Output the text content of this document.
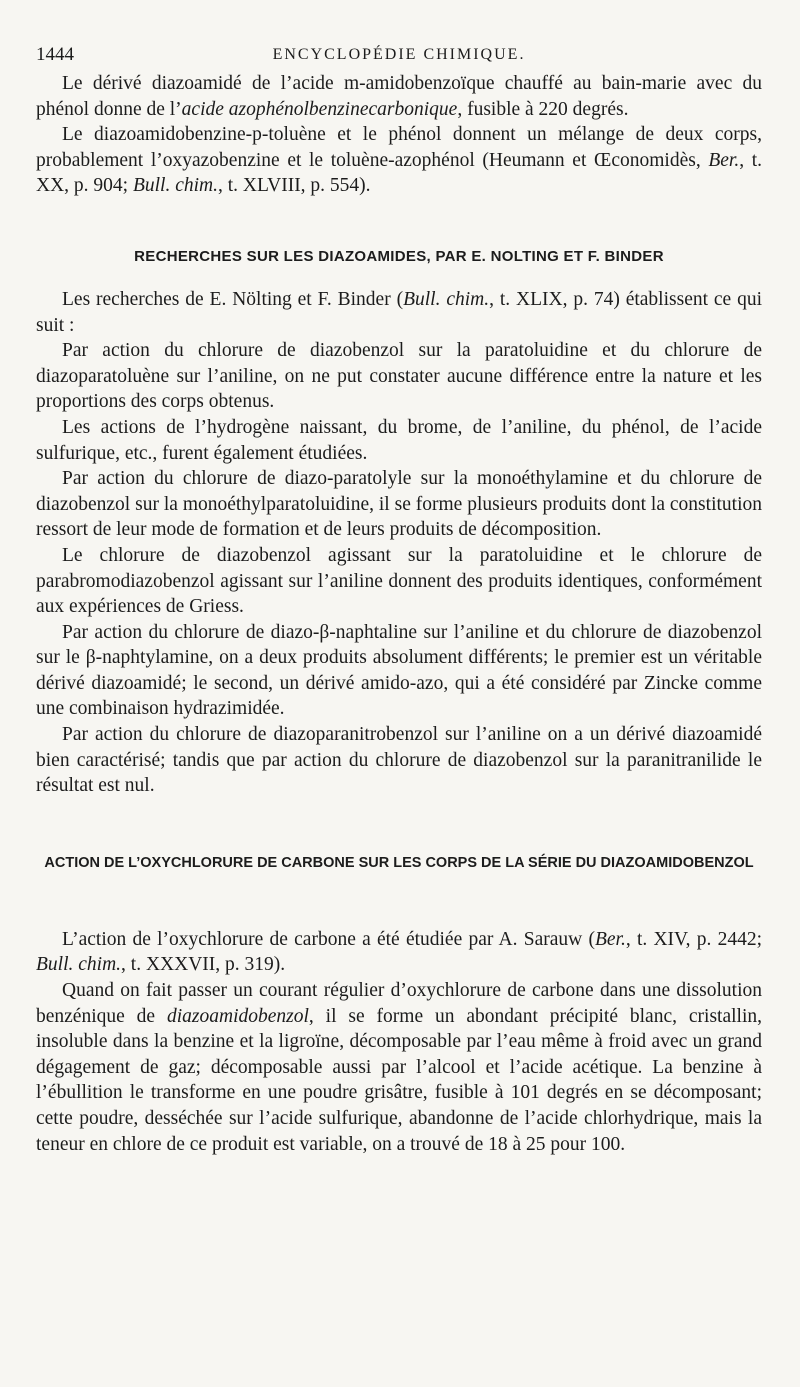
1444	ENCYCLOPÉDIE CHIMIQUE.

Le dérivé diazoamidé de l’acide m-amidobenzoïque chauffé au bain-marie avec du phénol donne de l’acide azophénolbenzinecarbonique, fusible à 220 degrés.

Le diazoamidobenzine-p-toluène et le phénol donnent un mélange de deux corps, probablement l’oxyazobenzine et le toluène-azophénol (Heumann et Œconomidès, Ber., t. XX, p. 904; Bull. chim., t. XLVIII, p. 554).

RECHERCHES SUR LES DIAZOAMIDES, PAR E. NOLTING ET F. BINDER

Les recherches de E. Nölting et F. Binder (Bull. chim., t. XLIX, p. 74) établissent ce qui suit :

Par action du chlorure de diazobenzol sur la paratoluidine et du chlorure de diazoparatoluène sur l’aniline, on ne put constater aucune différence entre la nature et les proportions des corps obtenus.

Les actions de l’hydrogène naissant, du brome, de l’aniline, du phénol, de l’acide sulfurique, etc., furent également étudiées.

Par action du chlorure de diazo-paratolyle sur la monoéthylamine et du chlorure de diazobenzol sur la monoéthylparatoluidine, il se forme plusieurs produits dont la constitution ressort de leur mode de formation et de leurs produits de décomposition.

Le chlorure de diazobenzol agissant sur la paratoluidine et le chlorure de parabromodiazobenzol agissant sur l’aniline donnent des produits identiques, conformément aux expériences de Griess.

Par action du chlorure de diazo-β-naphtaline sur l’aniline et du chlorure de diazobenzol sur le β-naphtylamine, on a deux produits absolument différents; le premier est un véritable dérivé diazoamidé; le second, un dérivé amido-azo, qui a été considéré par Zincke comme une combinaison hydrazimidée.

Par action du chlorure de diazoparanitrobenzol sur l’aniline on a un dérivé diazoamidé bien caractérisé; tandis que par action du chlorure de diazobenzol sur la paranitranilide le résultat est nul.

ACTION DE L’OXYCHLORURE DE CARBONE SUR LES CORPS DE LA SÉRIE DU DIAZOAMIDOBENZOL

L’action de l’oxychlorure de carbone a été étudiée par A. Sarauw (Ber., t. XIV, p. 2442; Bull. chim., t. XXXVII, p. 319).

Quand on fait passer un courant régulier d’oxychlorure de carbone dans une dissolution benzénique de diazoamidobenzol, il se forme un abondant précipité blanc, cristallin, insoluble dans la benzine et la ligroïne, décomposable par l’eau même à froid avec un grand dégagement de gaz; décomposable aussi par l’alcool et l’acide acétique. La benzine à l’ébullition le transforme en une poudre grisâtre, fusible à 101 degrés en se décomposant; cette poudre, desséchée sur l’acide sulfurique, abandonne de l’acide chlorhydrique, mais la teneur en chlore de ce produit est variable, on a trouvé de 18 à 25 pour 100.
